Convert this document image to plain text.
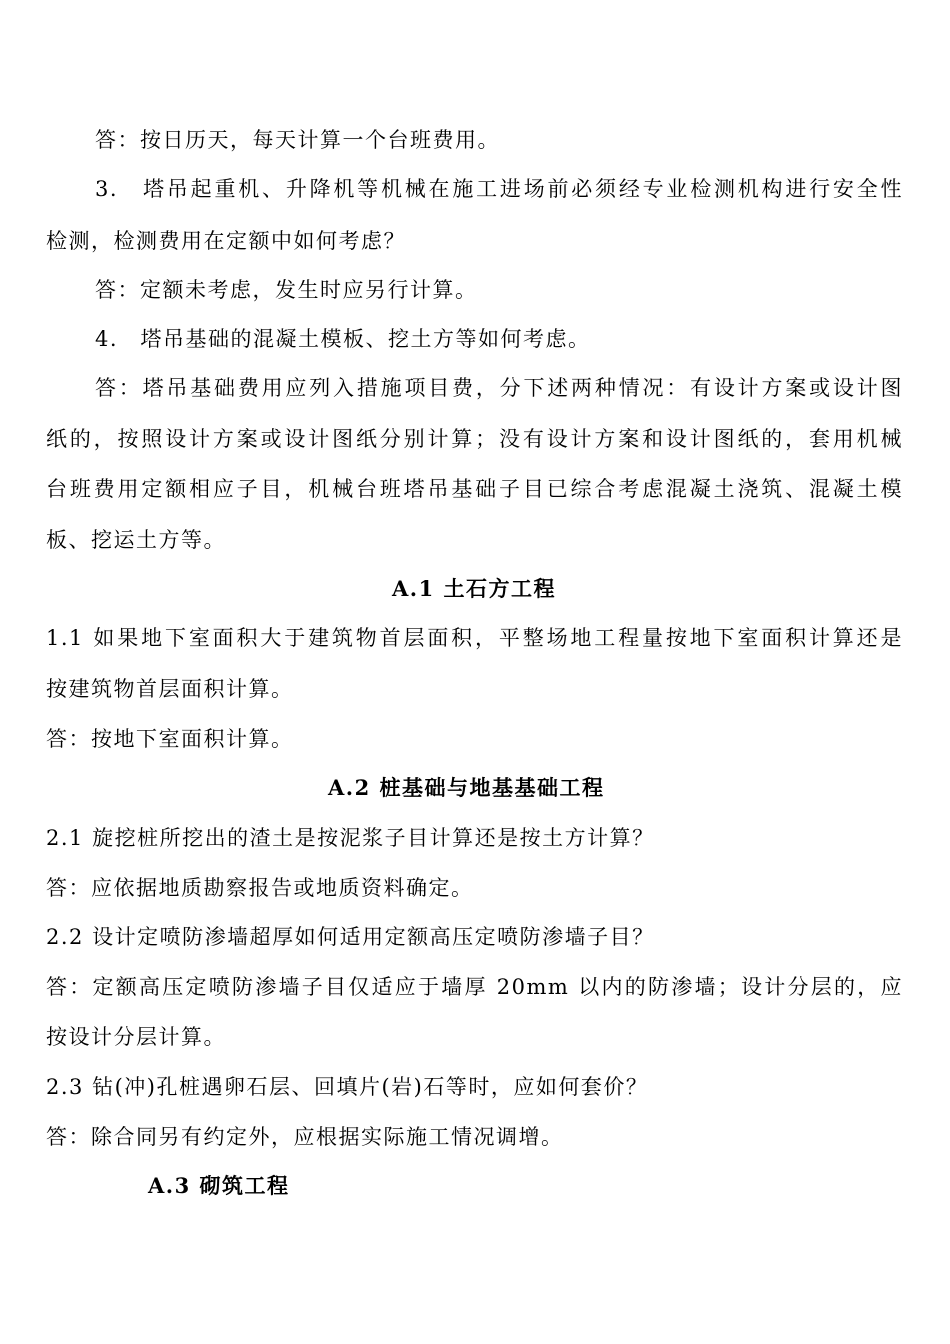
答：按日历天，每天计算一个台班费用。
3.　塔吊起重机、升降机等机械在施工进场前必须经专业检测机构进行安全性
检测，检测费用在定额中如何考虑？
答：定额未考虑，发生时应另行计算。
4.　塔吊基础的混凝土模板、挖土方等如何考虑。
答：塔吊基础费用应列入措施项目费，分下述两种情况：有设计方案或设计图
纸的，按照设计方案或设计图纸分别计算；没有设计方案和设计图纸的，套用机械
台班费用定额相应子目，机械台班塔吊基础子目已综合考虑混凝土浇筑、混凝土模
板、挖运土方等。
A.1 土石方工程
1.1 如果地下室面积大于建筑物首层面积，平整场地工程量按地下室面积计算还是
按建筑物首层面积计算。
答：按地下室面积计算。
A.2 桩基础与地基基础工程
2.1 旋挖桩所挖出的渣土是按泥浆子目计算还是按土方计算？
答：应依据地质勘察报告或地质资料确定。
2.2 设计定喷防渗墙超厚如何适用定额高压定喷防渗墙子目？
答：定额高压定喷防渗墙子目仅适应于墙厚 20mm 以内的防渗墙；设计分层的，应
按设计分层计算。
2.3 钻(冲)孔桩遇卵石层、回填片(岩)石等时，应如何套价？
答：除合同另有约定外，应根据实际施工情况调增。
A.3 砌筑工程
